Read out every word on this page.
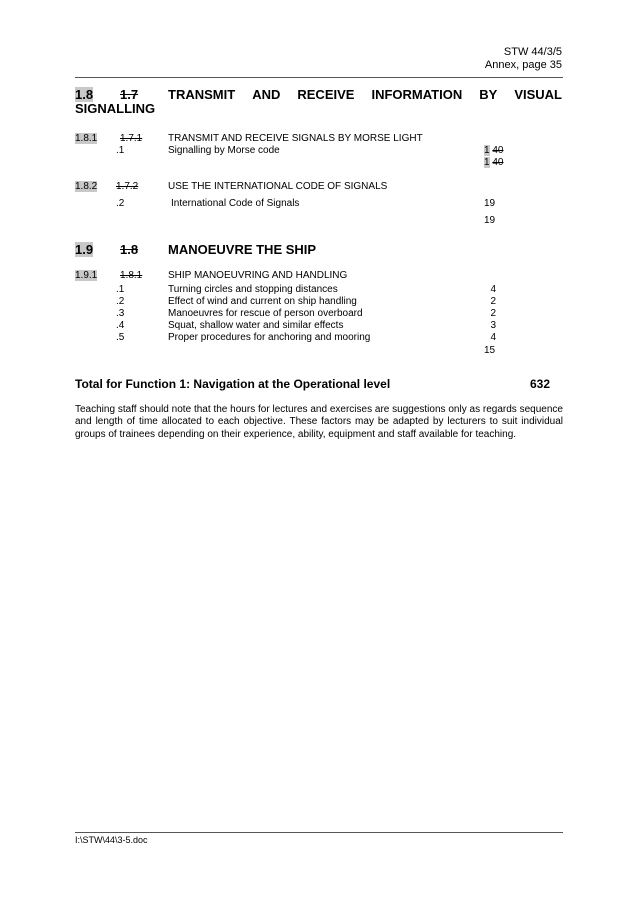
STW 44/3/5
Annex, page 35
1.8 1.7 TRANSMIT AND RECEIVE INFORMATION BY VISUAL
SIGNALLING
1.8.1 1.7.1	TRANSMIT AND RECEIVE SIGNALS BY MORSE LIGHT
.1	Signalling by Morse code	1 40
1 40
1.8.2 1.7.2	USE THE INTERNATIONAL CODE OF SIGNALS
.2	International Code of Signals	19
19
1.9 1.8 MANOEUVRE THE SHIP
1.9.1 1.8.1	SHIP MANOEUVRING AND HANDLING
.1	Turning circles and stopping distances	4
.2	Effect of wind and current on ship handling	2
.3	Manoeuvres for rescue of person overboard	2
.4	Squat, shallow water and similar effects	3
.5	Proper procedures for anchoring and mooring	4
15
Total for Function 1: Navigation at the Operational level	632
Teaching staff should note that the hours for lectures and exercises are suggestions only as regards sequence and length of time allocated to each objective. These factors may be adapted by lecturers to suit individual groups of trainees depending on their experience, ability, equipment and staff available for teaching.
I:\STW\44\3-5.doc
